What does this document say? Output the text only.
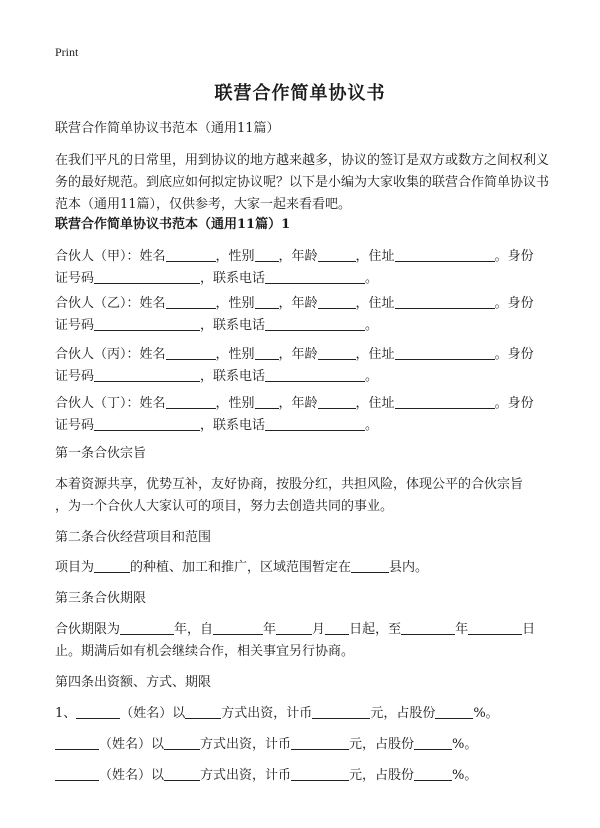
Print
联营合作简单协议书
联营合作简单协议书范本（通用11篇）
在我们平凡的日常里，用到协议的地方越来越多，协议的签订是双方或数方之间权利义务的最好规范。到底应如何拟定协议呢？以下是小编为大家收集的联营合作简单协议书范本（通用11篇），仅供参考，大家一起来看看吧。
联营合作简单协议书范本（通用11篇）1
合伙人（甲）：姓名	，性别 ，年龄	，住址	。身份
证号码	，联系电话	。
合伙人（乙）：姓名	，性别 ，年龄	，住址	。身份
证号码	，联系电话	。
合伙人（丙）：姓名	，性别 ，年龄	，住址	。身份
证号码	，联系电话	。
合伙人（丁）：姓名	，性别 ，年龄	，住址	。身份
证号码	，联系电话	。
第一条合伙宗旨
本着资源共享，优势互补，友好协商，按股分红，共担风险，体现公平的合伙宗旨
，为一个合伙人大家认可的项目，努力去创造共同的事业。
第二条合伙经营项目和范围
项目为	的种植、加工和推广，区域范围暂定在	县内。
第三条合伙期限
合伙期限为	年，自	年	月 日起，至	年	日
止。期满后如有机会继续合作，相关事宜另行协商。
第四条出资额、方式、期限
1、	（姓名）以	方式出资，计币	元，占股份	%。
（姓名）以	方式出资，计币	元，占股份	%。
（姓名）以	方式出资，计币	元，占股份	%。
